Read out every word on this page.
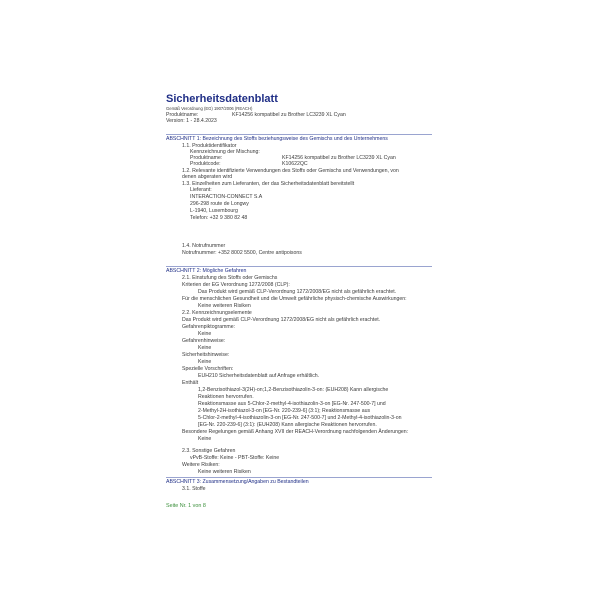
Sicherheitsdatenblatt
Gemäß Verordnung (EG) 1907/2006 (REACH)
Produktname:	KF14256 kompatibel zu Brother LC3239 XL Cyan
Version: 1 - 28.4.2023
ABSCHNITT 1: Bezeichnung des Stoffs beziehungsweise des Gemischs und des Unternehmens
1.1. Produktidentifikator
Kennzeichnung der Mischung:
Produktname:	KF14256 kompatibel zu Brother LC3239 XL Cyan
Produktcode:	K10622QC
1.2. Relevante identifizierte Verwendungen des Stoffs oder Gemischs und Verwendungen, von
denen abgeraten wird
1.3. Einzelheiten zum Lieferanten, der das Sicherheitsdatenblatt bereitstellt
Lieferant:
INTERACTION-CONNECT S.A
296-298 route de Longwy
L-1940, Luxembourg
Telefon: +32 9 380 82 48
1.4. Notrufnummer
Notrufnummer: +352 8002 5500, Centre antipoisons
ABSCHNITT 2: Mögliche Gefahren
2.1. Einstufung des Stoffs oder Gemischs
Kriterien der EG Verordnung 1272/2008 (CLP):
Das Produkt wird gemäß CLP-Verordnung 1272/2008/EG nicht als gefährlich erachtet.
Für die menschlichen Gesundheit und die Umwelt gefährliche physisch-chemische Auswirkungen:
Keine weiteren Risiken
2.2. Kennzeichnungselemente
Das Produkt wird gemäß CLP-Verordnung 1272/2008/EG nicht als gefährlich erachtet.
Gefahrenpiktogramme:
Keine
Gefahrenhinweise:
Keine
Sicherheitshinweise:
Keine
Spezielle Vorschriften:
EUH210 Sicherheitsdatenblatt auf Anfrage erhältlich.
Enthält
1,2-Benzisothiazol-3(2H)-on;1,2-Benzisothiazolin-3-on: (EUH208) Kann allergische
Reaktionen hervorrufen.
Reaktionsmasse aus 5-Chlor-2-methyl-4-isothiazolin-3-on [EG-Nr. 247-500-7] und
2-Methyl-2H-isothiazol-3-on [EG-Nr. 220-239-6] (3:1); Reaktionsmasse aus
5-Chlor-2-methyl-4-isothiazolin-3-on [EG-Nr. 247-500-7] und 2-Methyl-4-isothiazolin-3-on
[EG-Nr. 220-239-6] (3:1): (EUH208) Kann allergische Reaktionen hervorrufen.
Besondere Regelungen gemäß Anhang XVII der REACH-Verordnung nachfolgenden Änderungen:
Keine
2.3. Sonstige Gefahren
vPvB-Stoffe: Keine - PBT-Stoffe: Keine
Weitere Risiken:
Keine weiteren Risiken
ABSCHNITT 3: Zusammensetzung/Angaben zu Bestandteilen
3.1. Stoffe
Seite Nr. 1 von 8
